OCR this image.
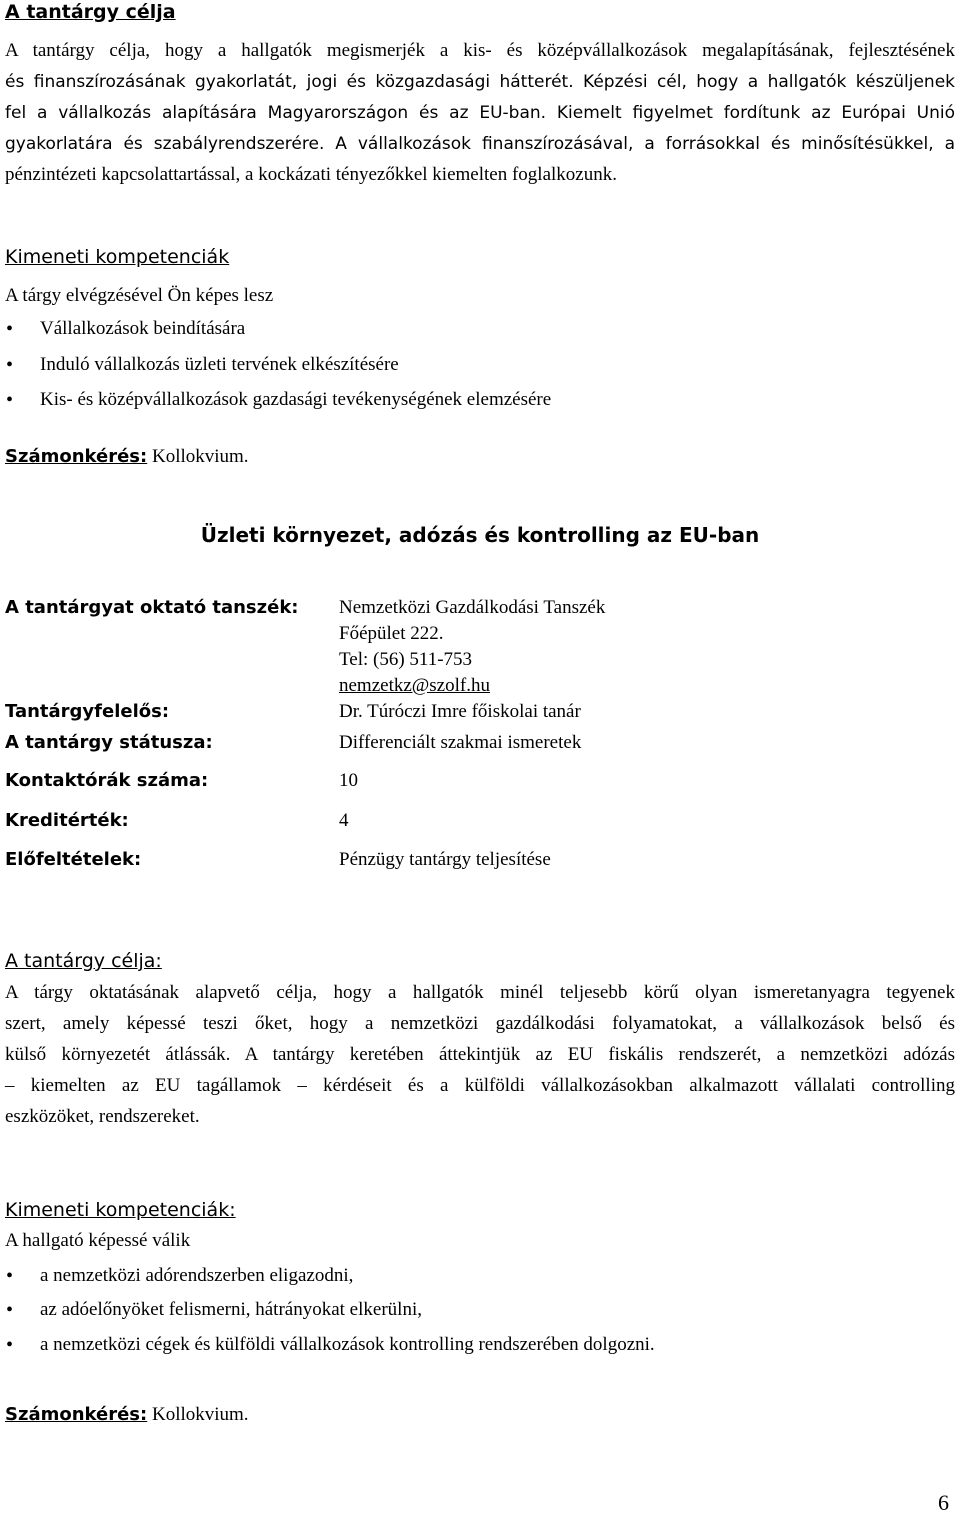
A tantárgy célja
A tantárgy célja, hogy a hallgatók megismerjék a kis- és középvállalkozások megalapításának, fejlesztésének
és finanszírozásának gyakorlatát, jogi és közgazdasági hátterét. Képzési cél, hogy a hallgatók készüljenek
fel a vállalkozás alapítására Magyarországon és az EU-ban. Kiemelt figyelmet fordítunk az Európai Unió
gyakorlatára és szabályrendszerére. A vállalkozások finanszírozásával, a forrásokkal és minősítésükkel, a
pénzintézeti kapcsolattartással, a kockázati tényezőkkel kiemelten foglalkozunk.
Kimeneti kompetenciák
A tárgy elvégzésével Ön képes lesz
• Vállalkozások beindítására
• Induló vállalkozás üzleti tervének elkészítésére
• Kis- és középvállalkozások gazdasági tevékenységének elemzésére
Számonkérés: Kollokvium.
Üzleti környezet, adózás és kontrolling az EU-ban
A tantárgyat oktató tanszék: Nemzetközi Gazdálkodási Tanszék
Főépület 222.
Tel: (56) 511-753
nemzetkz@szolf.hu
Tantárgyfelelős:	Dr. Túróczi Imre főiskolai tanár
A tantárgy státusza:	Differenciált szakmai ismeretek
Kontaktórák száma:	10
Kreditérték:	4
Előfeltételek:	Pénzügy tantárgy teljesítése
A tantárgy célja:
A tárgy oktatásának alapvető célja, hogy a hallgatók minél teljesebb körű olyan ismeretanyagra tegyenek
szert, amely képessé teszi őket, hogy a nemzetközi gazdálkodási folyamatokat, a vállalkozások belső és
külső környezetét átlássák. A tantárgy keretében áttekintjük az EU fiskális rendszerét, a nemzetközi adózás
– kiemelten az EU tagállamok – kérdéseit és a külföldi vállalkozásokban alkalmazott vállalati controlling
eszközöket, rendszereket.
Kimeneti kompetenciák:
A hallgató képessé válik
• a nemzetközi adórendszerben eligazodni,
• az adóelőnyöket felismerni, hátrányokat elkerülni,
• a nemzetközi cégek és külföldi vállalkozások kontrolling rendszerében dolgozni.
Számonkérés: Kollokvium.
6
